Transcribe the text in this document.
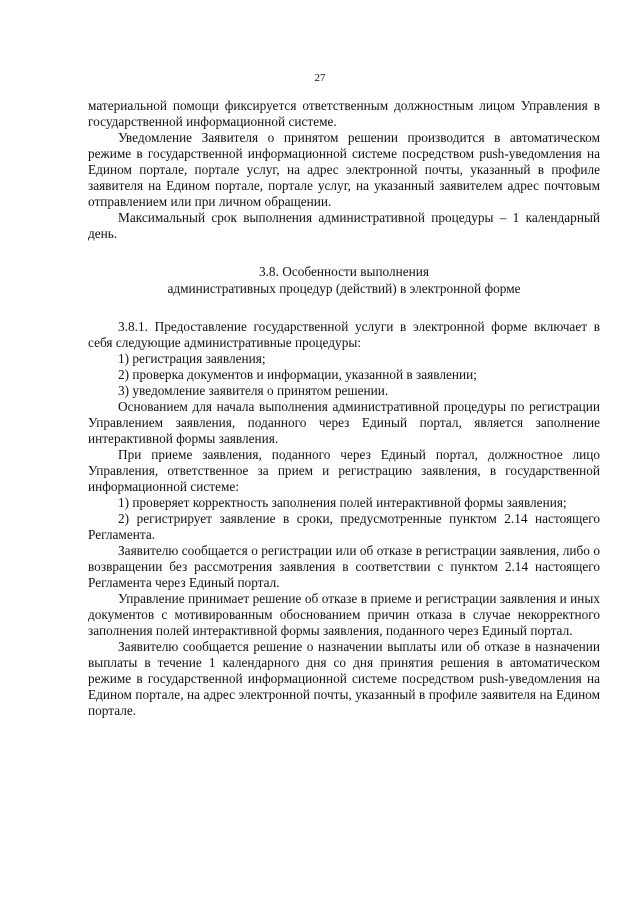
27

материальной помощи фиксируется ответственным должностным лицом Управления в государственной информационной системе.

Уведомление Заявителя о принятом решении производится в автоматическом режиме в государственной информационной системе посредством push-уведомления на Едином портале, портале услуг, на адрес электронной почты, указанный в профиле заявителя на Едином портале, портале услуг, на указанный заявителем адрес почтовым отправлением или при личном обращении.

Максимальный срок выполнения административной процедуры – 1 календарный день.

3.8. Особенности выполнения
административных процедур (действий) в электронной форме

3.8.1. Предоставление государственной услуги в электронной форме включает в себя следующие административные процедуры:

1) регистрация заявления;

2) проверка документов и информации, указанной в заявлении;

3) уведомление заявителя о принятом решении.

Основанием для начала выполнения административной процедуры по регистрации Управлением заявления, поданного через Единый портал, является заполнение интерактивной формы заявления.

При приеме заявления, поданного через Единый портал, должностное лицо Управления, ответственное за прием и регистрацию заявления, в государственной информационной системе:

1) проверяет корректность заполнения полей интерактивной формы заявления;

2) регистрирует заявление в сроки, предусмотренные пунктом 2.14 настоящего Регламента.

Заявителю сообщается о регистрации или об отказе в регистрации заявления, либо о возвращении без рассмотрения заявления в соответствии с пунктом 2.14 настоящего Регламента через Единый портал.

Управление принимает решение об отказе в приеме и регистрации заявления и иных документов с мотивированным обоснованием причин отказа в случае некорректного заполнения полей интерактивной формы заявления, поданного через Единый портал.

Заявителю сообщается решение о назначении выплаты или об отказе в назначении выплаты в течение 1 календарного дня со дня принятия решения в автоматическом режиме в государственной информационной системе посредством push-уведомления на Едином портале, на адрес электронной почты, указанный в профиле заявителя на Едином портале.
